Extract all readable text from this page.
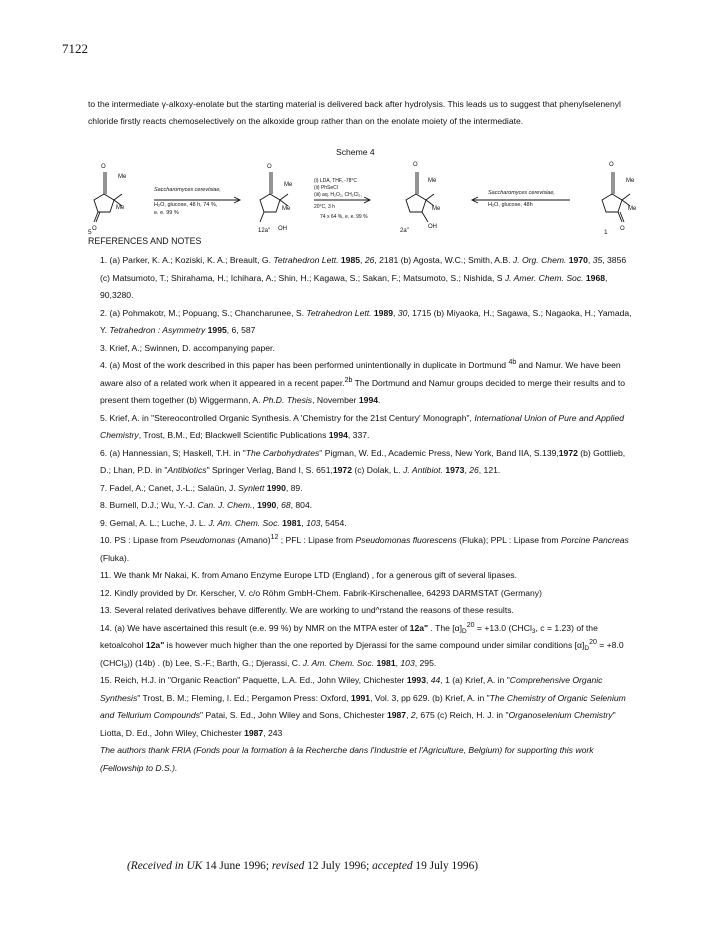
7122
to the intermediate γ-alkoxy-enolate but the starting material is delivered back after hydrolysis. This leads us to suggest that phenylselenenyl chloride firstly reacts chemoselectively on the alkoxide group rather than on the enolate moiety of the intermediate.
Scheme 4
O
Me
Me
O
5
Saccharomyces cerevisiae,
H₂O, glucose, 48 h, 74 %,
e. e. 99 %
O
Me
Me
OH
12a"
(i) LDA, THF, -78°C
(ii) PhSeCl
(iii) aq. H₂O₂, CH₂Cl₂,
20°C, 3 h
74 x 64 %, e. e. 99 %
O
Me
Me
OH
2a"
Saccharomyces cerevisiae,
H₂O, glucose, 48h
O
Me
Me
O
1
REFERENCES AND NOTES

1. (a) Parker, K. A.; Koziski, K. A.; Breault, G. Tetrahedron Lett. 1985, 26, 2181 (b) Agosta, W.C.; Smith, A.B. J. Org. Chem. 1970, 35, 3856 (c) Matsumoto, T.; Shirahama, H.; Ichihara, A.; Shin, H.; Kagawa, S.; Sakan, F.; Matsumoto, S.; Nishida, S J. Amer. Chem. Soc. 1968, 90,3280.

2. (a) Pohmakotr, M.; Popuang, S.; Chancharunee, S. Tetrahedron Lett. 1989, 30, 1715 (b) Miyaoka, H.; Sagawa, S.; Nagaoka, H.; Yamada, Y. Tetrahedron : Asymmetry 1995, 6, 587

3. Krief, A.; Swinnen, D. accompanying paper.

4. (a) Most of the work described in this paper has been performed unintentionally in duplicate in Dortmund $^{4b}$ and Namur. We have been aware also of a related work when it appeared in a recent paper.$^{2b}$ The Dortmund and Namur groups decided to merge their results and to present them together (b) Wiggermann, A. Ph.D. Thesis, November 1994.

5. Krief, A. in "Stereocontrolled Organic Synthesis. A 'Chemistry for the 21st Century' Monograph", International Union of Pure and Applied Chemistry, Trost, B.M., Ed; Blackwell Scientific Publications 1994, 337.

6. (a) Hannessian, S; Haskell, T.H. in "The Carbohydrates" Pigman, W. Ed., Academic Press, New York, Band IIA, S.139,1972 (b) Gottlieb, D.; Lhan, P.D. in "Antibiotics" Springer Verlag, Band I, S. 651,1972 (c) Dolak, L. J. Antibiot. 1973, 26, 121.

7. Fadel, A.; Canet, J.-L.; Salaün, J. Synlett 1990, 89.

8. Burnell, D.J.; Wu, Y.-J. Can. J. Chem., 1990, 68, 804.

9. Gemal, A. L.; Luche, J. L. J. Am. Chem. Soc. 1981, 103, 5454.

10. PS : Lipase from Pseudomonas (Amano)$^{12}$ ; PFL : Lipase from Pseudomonas fluorescens (Fluka); PPL : Lipase from Porcine Pancreas (Fluka).

11. We thank Mr Nakai, K. from Amano Enzyme Europe LTD (England) , for a generous gift of several lipases.

12. Kindly provided by Dr. Kerscher, V. c/o Röhm GmbH-Chem. Fabrik-Kirschenallee, 64293 DARMSTAT (Germany)

13. Several related derivatives behave differently. We are working to und^rstand the reasons of these results.

14. (a) We have ascertained this result (e.e. 99 %) by NMR on the MTPA ester of 12a" . The $[\alpha]_D^{20} = +13.0$ (CHCl$_3$, c = 1.23) of the ketoalcohol 12a" is however much higher than the one reported by Djerassi for the same compound under similar conditions $[\alpha]_D^{20} = +8.0$ (CHCl$_3$)) (14b) . (b) Lee, S.-F.; Barth, G.; Djerassi, C. J. Am. Chem. Soc. 1981, 103, 295.

15. Reich, H.J. in "Organic Reaction" Paquette, L.A. Ed., John Wiley, Chichester 1993, 44, 1 (a) Krief, A. in "Comprehensive Organic Synthesis" Trost, B. M.; Fleming, I. Ed.; Pergamon Press: Oxford, 1991, Vol. 3, pp 629. (b) Krief, A. in "The Chemistry of Organic Selenium and Tellurium Compounds" Patai, S. Ed., John Wiley and Sons, Chichester 1987, 2, 675 (c) Reich, H. J. in "Organoselenium Chemistry" Liotta, D. Ed., John Wiley, Chichester 1987, 243

The authors thank FRIA (Fonds pour la formation à la Recherche dans l'Industrie et l'Agriculture, Belgium) for supporting this work (Fellowship to D.S.).

(Received in UK 14 June 1996; revised 12 July 1996; accepted 19 July 1996)
